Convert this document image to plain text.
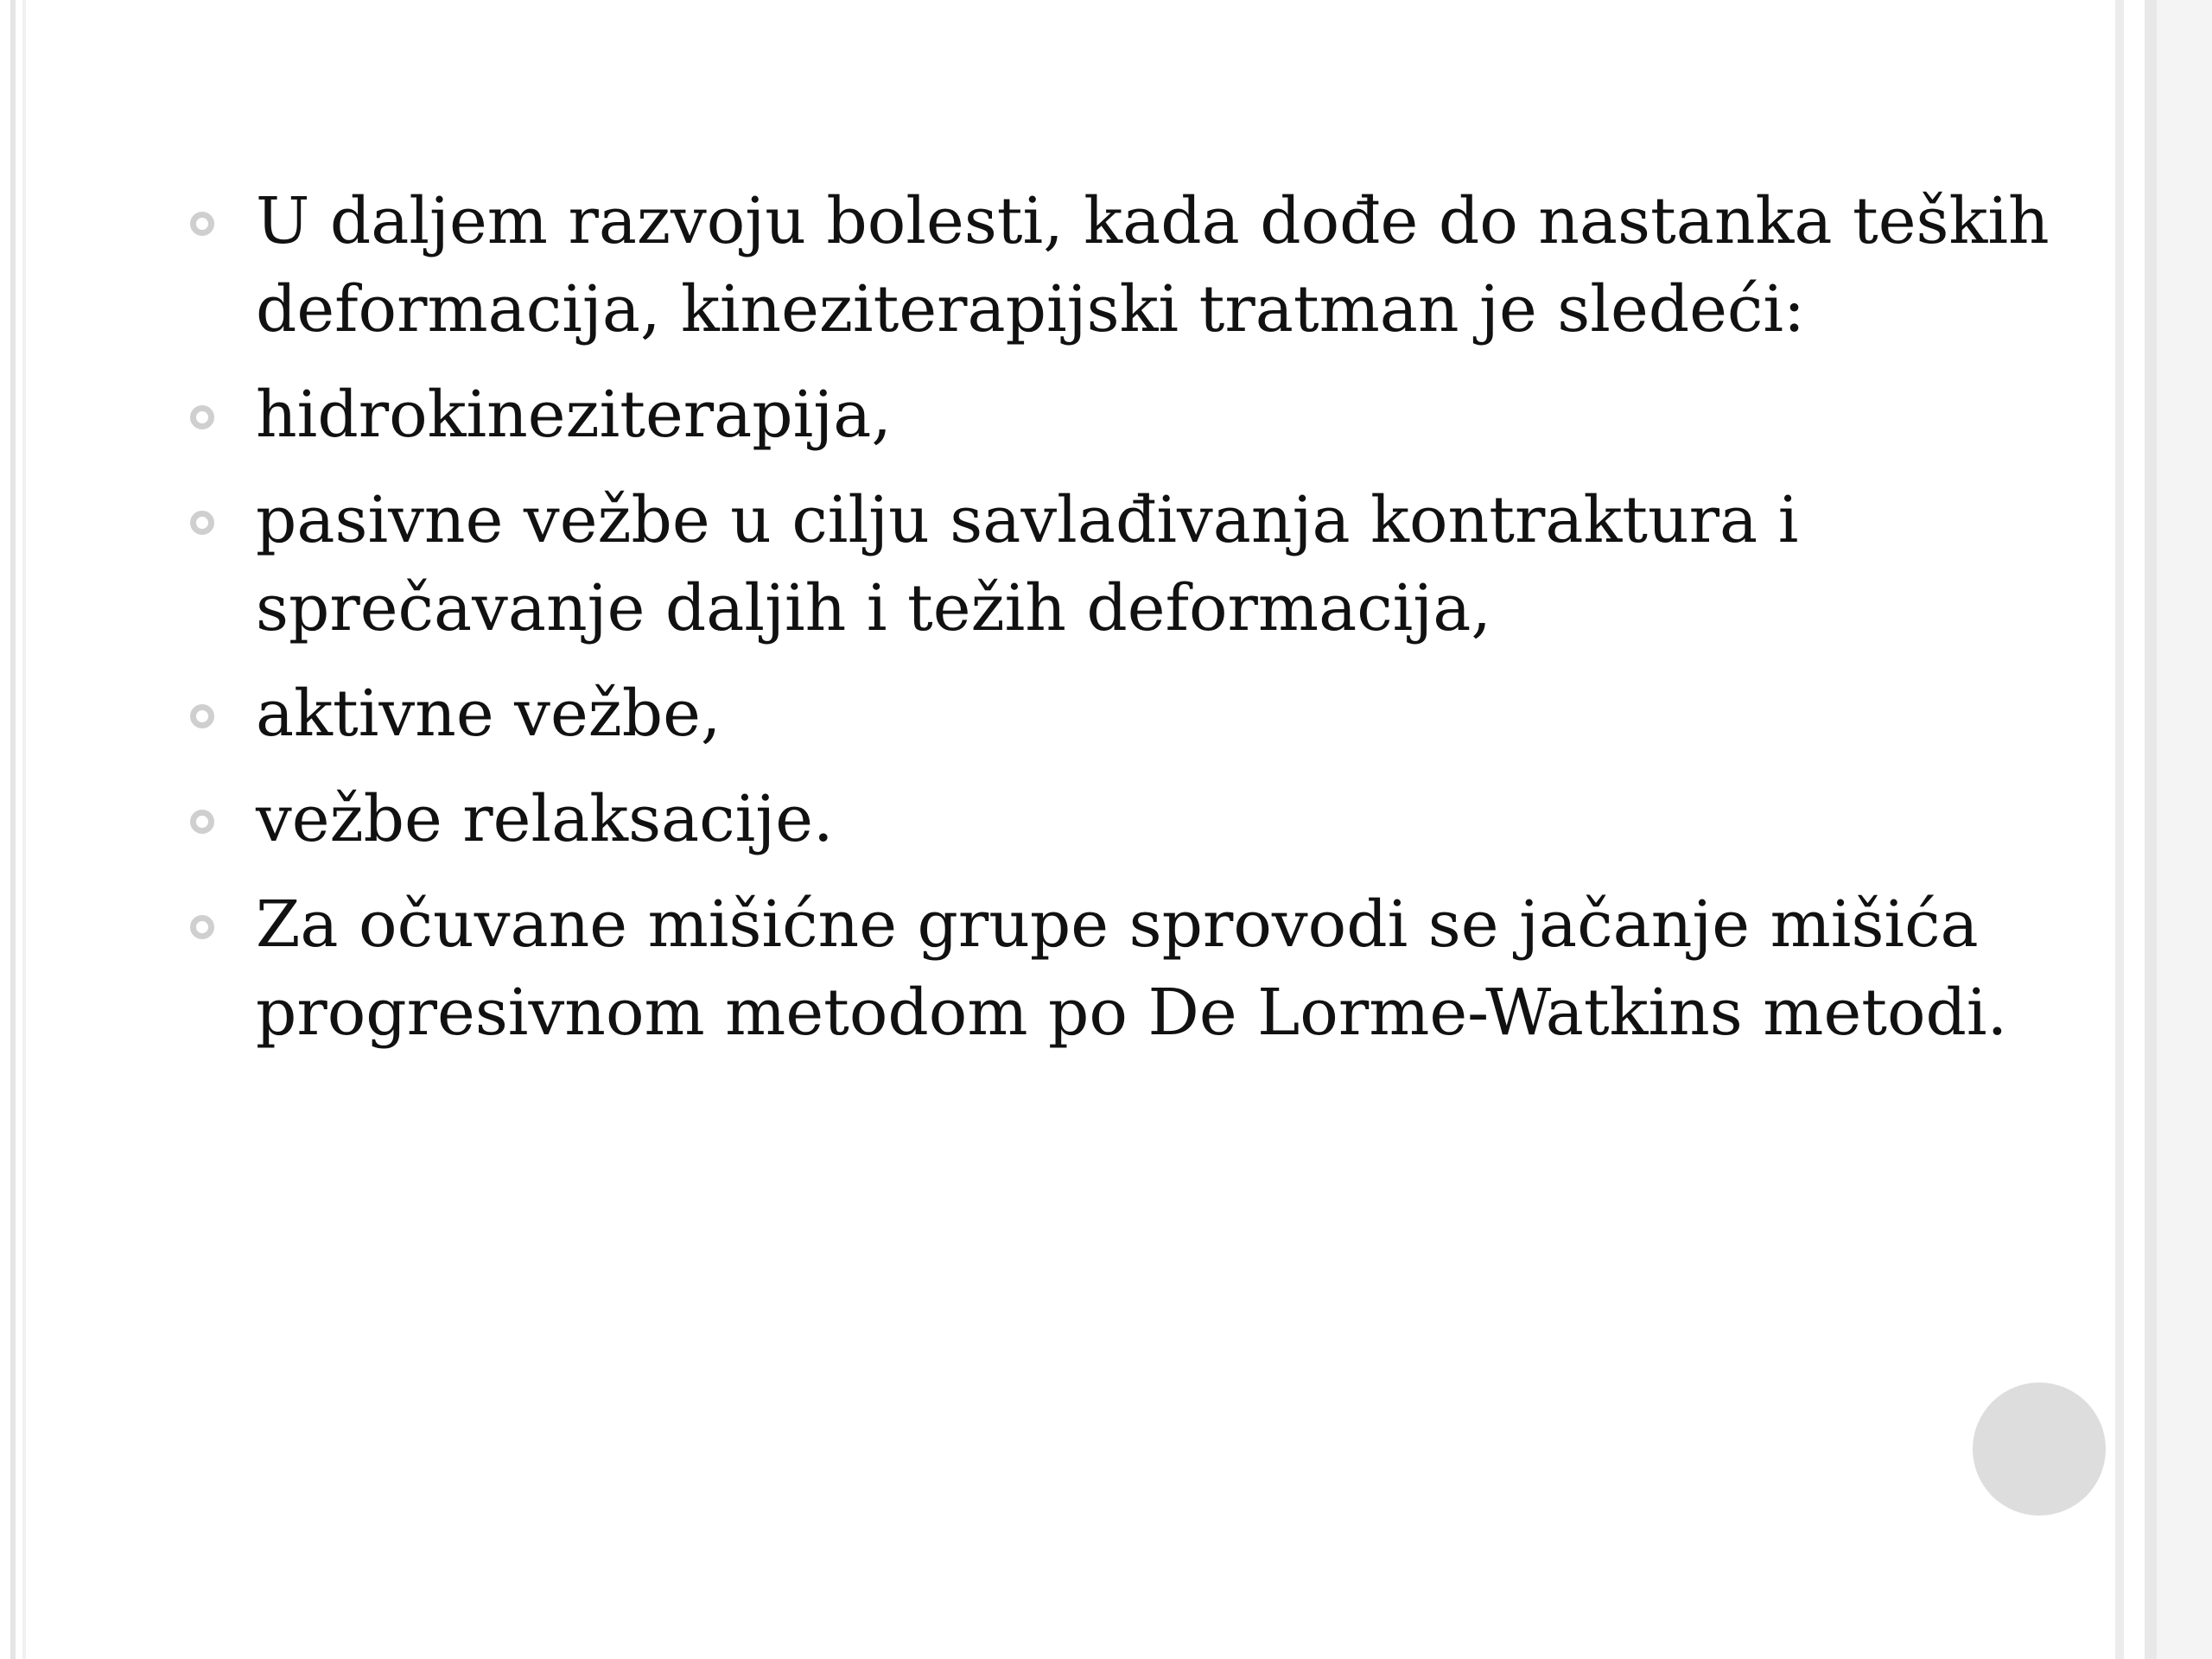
U daljem razvoju bolesti, kada dođe do nastanka teških deformacija, kineziterapijski tratman je sledeći:
hidrokineziterapija,
pasivne vežbe u cilju savlađivanja kontraktura i sprečavanje daljih i težih deformacija,
aktivne vežbe,
vežbe relaksacije.
Za očuvane mišićne grupe sprovodi se jačanje mišića progresivnom metodom po De Lorme-Watkins metodi.
